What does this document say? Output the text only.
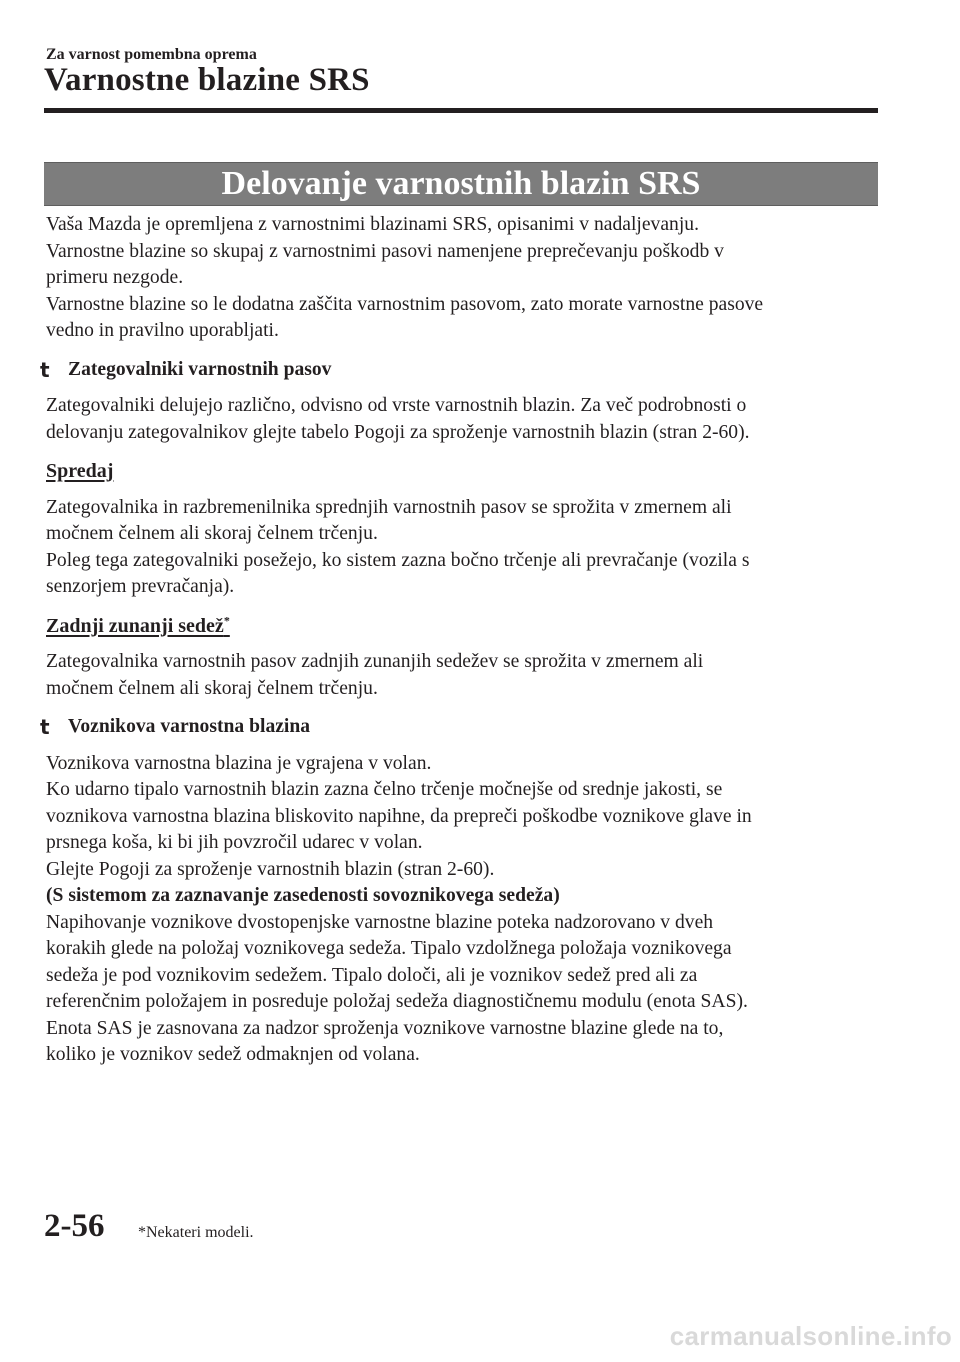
Za varnost pomembna oprema
Varnostne blazine SRS
Delovanje varnostnih blazin SRS

Vaša Mazda je opremljena z varnostnimi blazinami SRS, opisanimi v nadaljevanju.

Varnostne blazine so skupaj z varnostnimi pasovi namenjene preprečevanju poškodb v

primeru nezgode.

Varnostne blazine so le dodatna zaščita varnostnim pasovom, zato morate varnostne pasove

vedno in pravilno uporabljati.

t Zategovalniki varnostnih pasov

Zategovalniki delujejo različno, odvisno od vrste varnostnih blazin. Za več podrobnosti o

delovanju zategovalnikov glejte tabelo Pogoji za sproženje varnostnih blazin (stran 2-60).

Spredaj

Zategovalnika in razbremenilnika sprednjih varnostnih pasov se sprožita v zmernem ali

močnem čelnem ali skoraj čelnem trčenju.

Poleg tega zategovalniki posežejo, ko sistem zazna bočno trčenje ali prevračanje (vozila s

senzorjem prevračanja).

Zadnji zunanji sedež*

Zategovalnika varnostnih pasov zadnjih zunanjih sedežev se sprožita v zmernem ali

močnem čelnem ali skoraj čelnem trčenju.

t Voznikova varnostna blazina

Voznikova varnostna blazina je vgrajena v volan.

Ko udarno tipalo varnostnih blazin zazna čelno trčenje močnejše od srednje jakosti, se

voznikova varnostna blazina bliskovito napihne, da prepreči poškodbe voznikove glave in

prsnega koša, ki bi jih povzročil udarec v volan.

Glejte Pogoji za sproženje varnostnih blazin (stran 2-60).

(S sistemom za zaznavanje zasedenosti sovoznikovega sedeža)

Napihovanje voznikove dvostopenjske varnostne blazine poteka nadzorovano v dveh

korakih glede na položaj voznikovega sedeža. Tipalo vzdolžnega položaja voznikovega

sedeža je pod voznikovim sedežem. Tipalo določi, ali je voznikov sedež pred ali za

referenčnim položajem in posreduje položaj sedeža diagnostičnemu modulu (enota SAS).

Enota SAS je zasnovana za nadzor sproženja voznikove varnostne blazine glede na to,

koliko je voznikov sedež odmaknjen od volana.

2-56 *Nekateri modeli.
carmanualsonline.info
